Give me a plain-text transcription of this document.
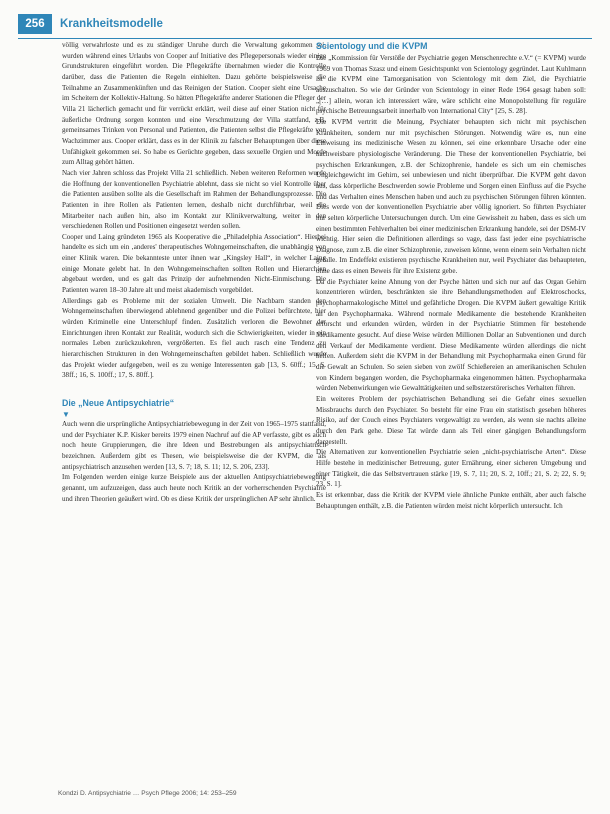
256	Krankheitsmodelle

völlig verwahrloste und es zu ständiger Unruhe durch die Verwaltung gekommen sei, wurden während eines Urlaubs von Cooper auf Initiative des Pflegepersonals wieder einige Grundstrukturen eingeführt worden. Die Pflegekräfte übernahmen wieder die Kontrolle darüber, dass die Patienten die Regeln einhielten. Dazu gehörte beispielsweise die Teilnahme an Zusammenkünften und das Reinigen der Station. Cooper sieht eine Ursache im Scheitern der Kollektiv-Haltung. So hätten Pflegekräfte anderer Stationen die Pfleger der Villa 21 lächerlich gemacht und für verrückt erklärt, weil diese auf einer Station nicht für äußerliche Ordnung sorgen konnten und eine Verschmutzung der Villa stattfand, z.B. gemeinsames Trinken von Personal und Patienten, die Patienten selbst die Pflegekräfte von Wachzimmer aus. Cooper erklärt, dass es in der Klinik zu falscher Behauptungen über diese Unfähigkeit gekommen sei. So habe es Gerüchte gegeben, dass sexuelle Orgien und Morde zum Alltag gehört hätten.

Nach vier Jahren schloss das Projekt Villa 21 schließlich. Neben weiteren Reformen wurde die Hoffnung der konventionellen Psychiatrie ablehnt, dass sie nicht so viel Kontrolle über die Patienten ausüben sollte als die Gesellschaft im Rahmen der Behandlungsprozesse. Die Patienten in ihre Rollen als Patienten lernen, deshalb nicht durchführbar, weil die Mitarbeiter nach außen hin, also im Kontakt zur Klinikverwaltung, weiter in den verschiedenen Rollen und Positionen eingesetzt werden sollen.

Cooper und Laing gründeten 1965 als Kooperative die „Philadelphia Association“. Hierbei handelte es sich um ein ‚anderes' therapeutisches Wohngemeinschaften, die unabhängig von einer Klinik waren. Die bekannteste unter ihnen war „Kingsley Hall“, in welcher Laing einige Monate gelebt hat. In den Wohngemeinschaften sollten Rollen und Hierarchien abgebaut werden, und es galt das Prinzip der aufnehmenden Nicht-Einmischung. Die Patienten waren 18–30 Jahre alt und meist akademisch vorgebildet.

Allerdings gab es Probleme mit der sozialen Umwelt. Die Nachbarn standen den Wohngemeinschaften überwiegend ablehnend gegenüber und die Polizei befürchtete, hier würden Kriminelle eine Unterschlupf finden. Zusätzlich verloren die Bewohner der Einrichtungen ihren Kontakt zur Realität, wodurch sich die Schwierigkeiten, wieder in ein normales Leben zurückzukehren, vergrößerten. Es fiel auch rasch eine Tendenz zu hierarchischen Strukturen in den Wohngemeinschaften gebildet haben. Schließlich wurde das Projekt wieder aufgegeben, weil es zu wenige Interessenten gab [13, S. 60ff.; 15, S. 38ff.; 16, S. 100ff.; 17, S. 80ff.].

Die „Neue Antipsychiatrie“
▼

Auch wenn die ursprüngliche Antipsychiatriebewegung in der Zeit von 1965–1975 stattfand, und der Psychiater K.P. Kisker bereits 1979 einen Nachruf auf die AP verfasste, gibt es auch noch heute Gruppierungen, die ihre Ideen und Bestrebungen als antipsychiatrisch bezeichnen. Außerdem gibt es Thesen, wie beispielsweise die der KVPM, die als antipsychiatrisch anzusehen werden [13, S. 7; 18, S. 11; 12, S. 206, 233].

Im Folgenden werden einige kurze Beispiele aus der aktuellen Antipsychiatriebewegung genannt, um aufzuzeigen, dass auch heute noch Kritik an der vorherrschenden Psychiatrie und ihren Theorien geäußert wird. Ob es diese Kritik der ursprünglichen AP sehr ähnlich.

Scientology und die KVPM

Die „Kommission für Verstöße der Psychiatrie gegen Menschenrechte e.V.“ (= KVPM) wurde 1969 von Thomas Szasz und einem Gesichtspunkt von Scientology gegründet. Laut Kuhlmann ist die KVPM eine Tarnorganisation von Scientology mit dem Ziel, die Psychiatrie auszuschalten. So wie der Gründer von Scientology in einer Rede 1964 gesagt haben soll: „[…] allein, woran ich interessiert wäre, wäre schlicht eine Monopolstellung für reguläre psychische Betreuungsarbeit innerhalb von International City“ [25, S. 28].

Die KVPM vertritt die Meinung, Psychiater behaupten sich nicht mit psychischen Krankheiten, sondern nur mit psychischen Störungen. Notwendig wäre es, nun eine Einweisung ins medizinische Wesen zu können, sei eine erkennbare Ursache oder eine nachweisbare physiologische Veränderung. Die These der konventionellen Psychiatrie, bei psychischen Erkrankungen, z.B. der Schizophrenie, handele es sich um ein chemisches Ungleichgewicht im Gehirn, sei unbewiesen und nicht überprüfbar. Die KVPM geht davon aus, dass körperliche Beschwerden sowie Probleme und Sorgen einen Einfluss auf die Psyche und das Verhalten eines Menschen haben und auch zu psychischen Störungen führen könnten. Dies werde von der konventionellen Psychiatrie aber völlig ignoriert. So führten Psychiater nur selten körperliche Untersuchungen durch. Um eine Gewissheit zu haben, dass es sich um einen bestimmten Fehlverhalten bei einer medizinischen Erkrankung handele, sei der DSM-IV wichtig. Hier seien die Definitionen allerdings so vage, dass fast jeder eine psychiatrische Diagnose, zum z.B. die einer Schizophrenie, zuweisen könne, wenn einem sein Verhalten nicht gefalle. Im Endeffekt existieren psychische Krankheiten nur, weil Psychiater das behaupteten, ohne dass es einen Beweis für ihre Existenz gebe.

Da die Psychiater keine Ahnung von der Psyche hätten und sich nur auf das Organ Gehirn konzentrieren würden, beschränkten sie ihre Behandlungsmethoden auf Elektroschocks, psychopharmakologische Mittel und gefährliche Drogen. Die KVPM äußert gewaltige Kritik an den Psychopharmaka. Während normale Medikamente die bestehende Krankheiten erforscht und erkunden würden, würden in der Psychiatrie Stimmen für bestehende Medikamente gesucht. Auf diese Weise würden Millionen Dollar an Subventionen und durch den Verkauf der Medikamente verdient. Diese Medikamente würden allerdings die nicht helfen. Außerdem sieht die KVPM in der Behandlung mit Psychopharmaka einen Grund für die Gewalt an Schulen. So seien sieben von zwölf Schießereien an amerikanischen Schulen von Kindern begangen worden, die Psychopharmaka eingenommen hätten. Psychopharmaka würden Nebenwirkungen wie Gewalttätigkeiten und selbstzerstörerisches Verhalten führen.

Ein weiteres Problem der psychiatrischen Behandlung sei die Gefahr eines sexuellen Missbrauchs durch den Psychiater. So besteht für eine Frau ein statistisch gesehen höheres Risiko, auf der Couch eines Psychiaters vergewaltigt zu werden, als wenn sie nachts alleine durch den Park gehe. Diese Tat würde dann als Teil einer gängigen Behandlungsform dargestellt.

Die Alternativen zur konventionellen Psychiatrie seien „nicht-psychiatrische Arten“. Diese Hilfe bestehe in medizinischer Betreuung, guter Ernährung, einer sicheren Umgebung und einer Tätigkeit, die das Selbstvertrauen stärke [19, S. 7, 11; 20, S. 2, 10ff.; 21, S. 2; 22, S. 9; 23, S. 1].

Es ist erkennbar, dass die Kritik der KVPM viele ähnliche Punkte enthält, aber auch falsche Behauptungen enthält, z.B. die Patienten würden meist nicht körperlich untersucht. Ich

Kondzi D. Antipsychiatrie … Psych Pflege 2006; 14: 253–259
